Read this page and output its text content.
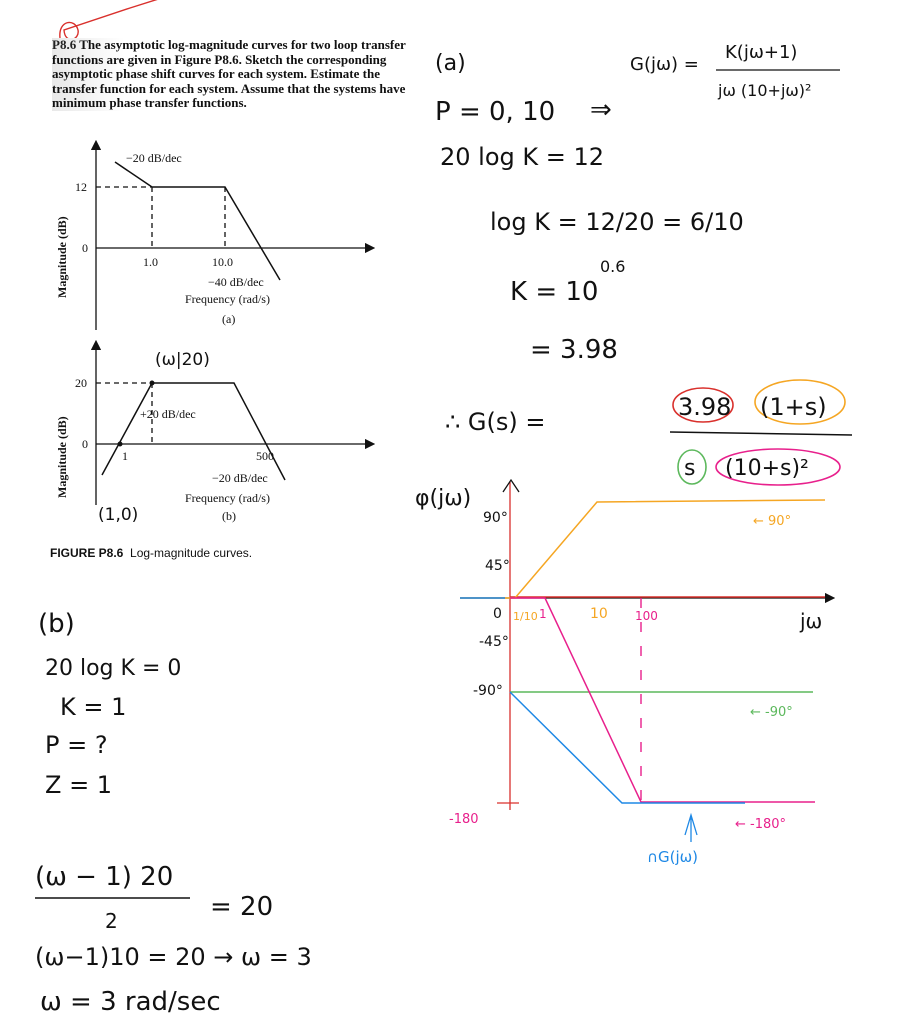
P8.6 The asymptotic log-magnitude curves for two loop transfer functions are given in Figure P8.6. Sketch the corresponding asymptotic phase shift curves for each system. Estimate the transfer function for each system. Assume that the systems have minimum phase transfer functions.
−20 dB/dec
12
0
1.0	10.0
−40 dB/dec
Frequency (rad/s)
(a)
Magnitude (dB)
(ω|20)
20
0
1	500
+20 dB/dec
−20 dB/dec
Frequency (rad/s)
(b)
(1,0)
Magnitude (dB)
FIGURE P8.6 Log-magnitude curves.
(a)	G(jω) =
K(jω+1)
jω (10+jω)²
P = 0, 10 ⇒
20 log K = 12
log K = 12/20 = 6/10
K = 10
0.6
= 3.98
∴ G(s) =
3.98 (1+s)
s (10+s)²
φ(jω)
jω
90°
45°
0
-45°
-90°
-180
1/10 1	10 100
← 90°
← -90°
← -180°
∩G(jω)
(b)
20 log K = 0
K = 1
P = ?
Z = 1
(ω − 1) 20
2	= 20
(ω−1)10 = 20 → ω = 3
ω = 3 rad/sec
